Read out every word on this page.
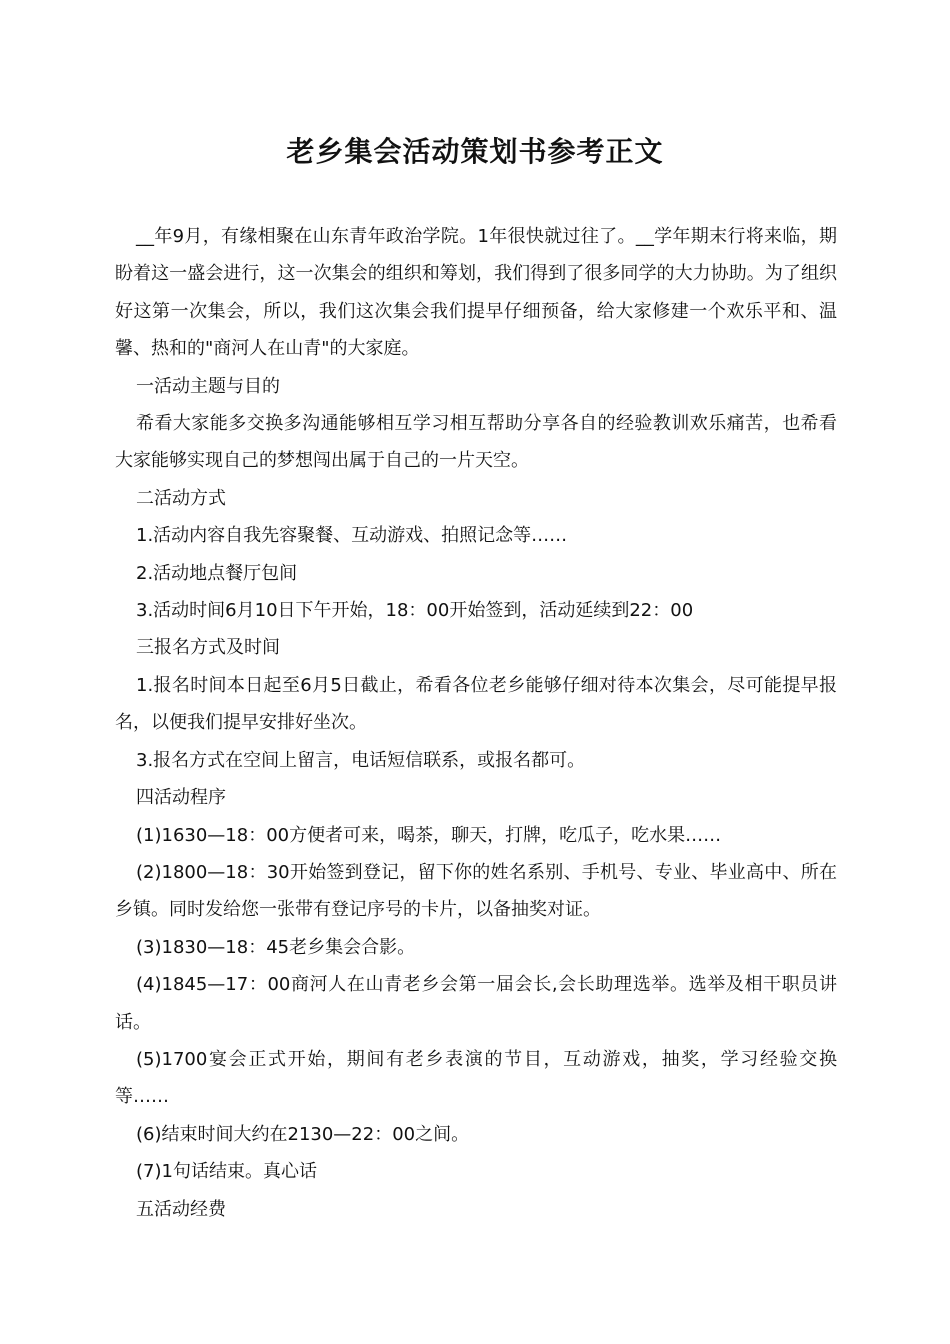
老乡集会活动策划书参考正文

__年9月，有缘相聚在山东青年政治学院。1年很快就过往了。__学年期末行将来临，期盼着这一盛会进行，这一次集会的组织和筹划，我们得到了很多同学的大力协助。为了组织好这第一次集会，所以，我们这次集会我们提早仔细预备，给大家修建一个欢乐平和、温馨、热和的"商河人在山青"的大家庭。

一活动主题与目的

希看大家能多交换多沟通能够相互学习相互帮助分享各自的经验教训欢乐痛苦，也希看大家能够实现自己的梦想闯出属于自己的一片天空。

二活动方式

1.活动内容自我先容聚餐、互动游戏、拍照记念等……

2.活动地点餐厅包间

3.活动时间6月10日下午开始，18：00开始签到，活动延续到22：00

三报名方式及时间

1.报名时间本日起至6月5日截止，希看各位老乡能够仔细对待本次集会，尽可能提早报名，以便我们提早安排好坐次。

3.报名方式在空间上留言，电话短信联系，或报名都可。

四活动程序

(1)1630—18：00方便者可来，喝茶，聊天，打牌，吃瓜子，吃水果……

(2)1800—18：30开始签到登记，留下你的姓名系别、手机号、专业、毕业高中、所在乡镇。同时发给您一张带有登记序号的卡片，以备抽奖对证。

(3)1830—18：45老乡集会合影。

(4)1845—17：00商河人在山青老乡会第一届会长,会长助理选举。选举及相干职员讲话。

(5)1700宴会正式开始，期间有老乡表演的节目，互动游戏，抽奖，学习经验交换等……

(6)结束时间大约在2130—22：00之间。

(7)1句话结束。真心话

五活动经费
